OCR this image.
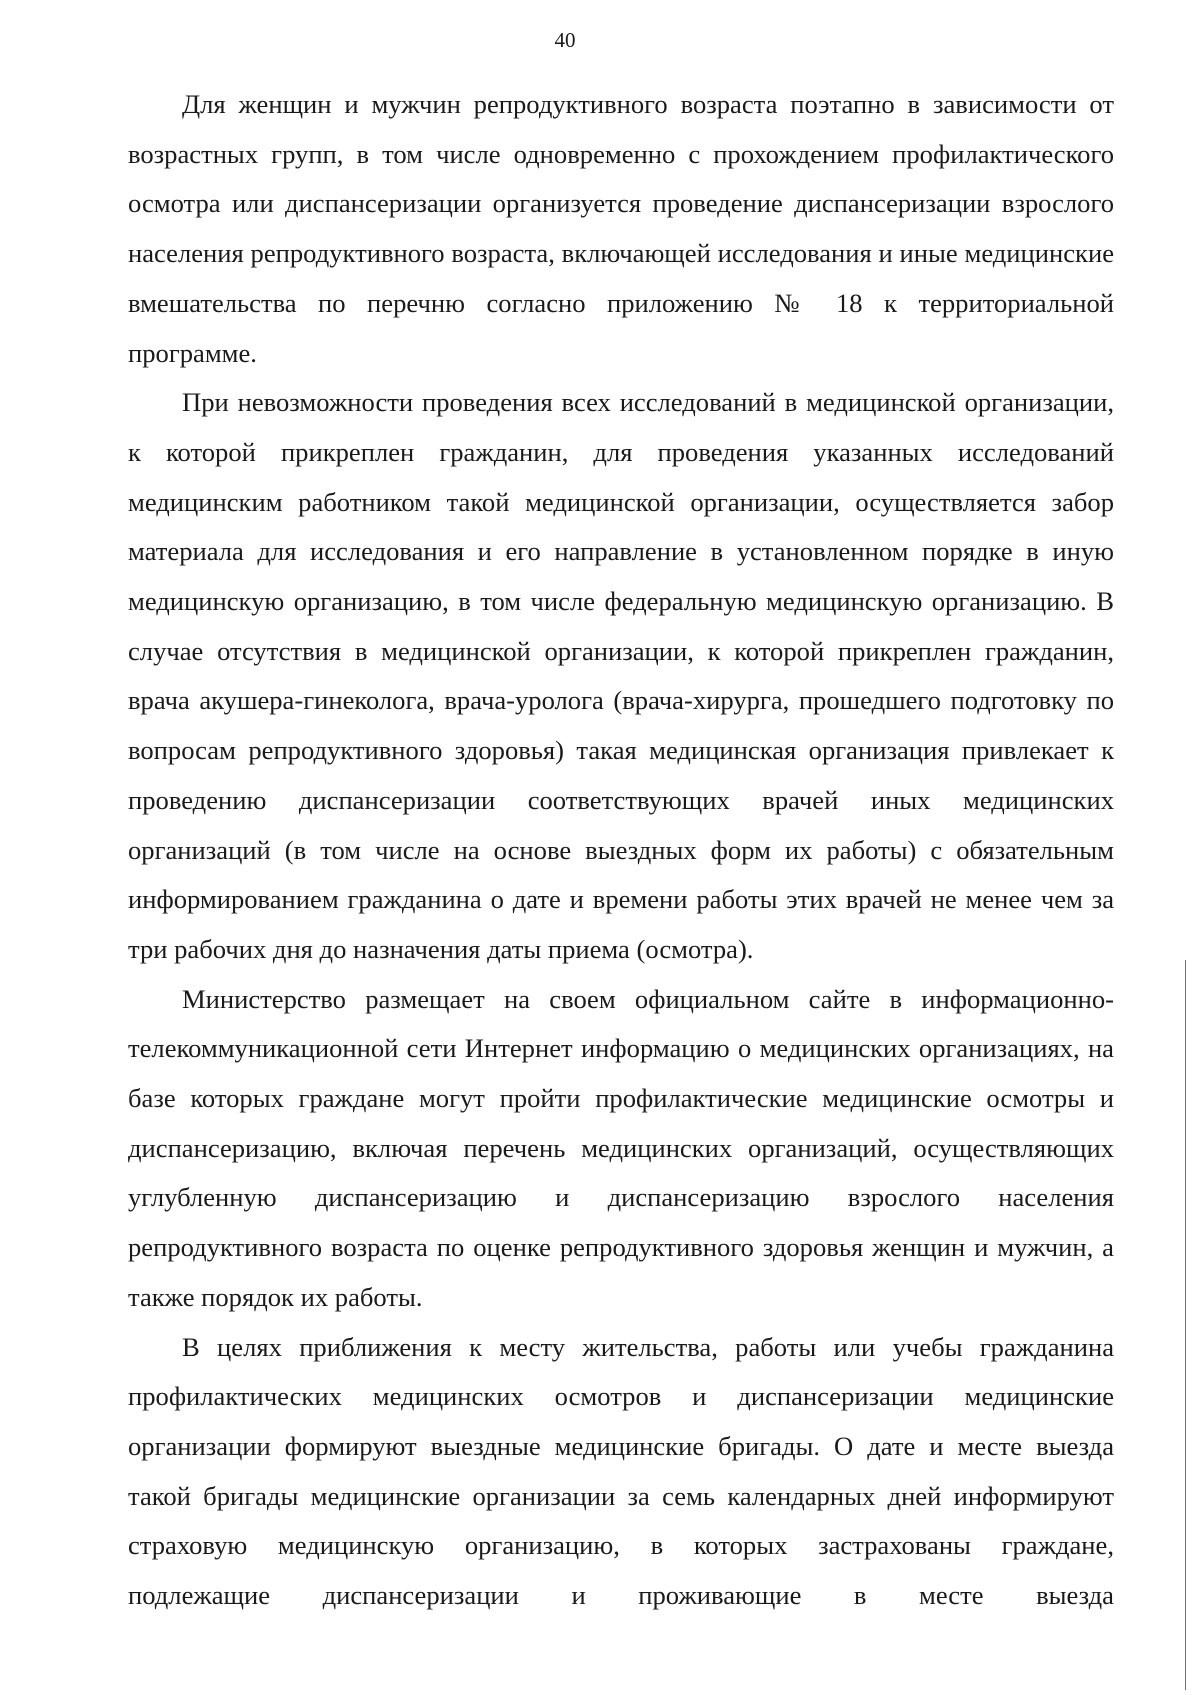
40

Для женщин и мужчин репродуктивного возраста поэтапно в зависимости от возрастных групп, в том числе одновременно с прохождением профилактического осмотра или диспансеризации организуется проведение диспансеризации взрослого населения репродуктивного возраста, включающей исследования и иные медицинские вмешательства по перечню согласно приложению № 18 к территориальной программе.

При невозможности проведения всех исследований в медицинской организации, к которой прикреплен гражданин, для проведения указанных исследований медицинским работником такой медицинской организации, осуществляется забор материала для исследования и его направление в установленном порядке в иную медицинскую организацию, в том числе федеральную медицинскую организацию. В случае отсутствия в медицинской организации, к которой прикреплен гражданин, врача акушера-гинеколога, врача-уролога (врача-хирурга, прошедшего подготовку по вопросам репродуктивного здоровья) такая медицинская организация привлекает к проведению диспансеризации соответствующих врачей иных медицинских организаций (в том числе на основе выездных форм их работы) с обязательным информированием гражданина о дате и времени работы этих врачей не менее чем за три рабочих дня до назначения даты приема (осмотра).

Министерство размещает на своем официальном сайте в информационно-телекоммуникационной сети Интернет информацию о медицинских организациях, на базе которых граждане могут пройти профилактические медицинские осмотры и диспансеризацию, включая перечень медицинских организаций, осуществляющих углубленную диспансеризацию и диспансеризацию взрослого населения репродуктивного возраста по оценке репродуктивного здоровья женщин и мужчин, а также порядок их работы.

В целях приближения к месту жительства, работы или учебы гражданина профилактических медицинских осмотров и диспансеризации медицинские организации формируют выездные медицинские бригады. О дате и месте выезда такой бригады медицинские организации за семь календарных дней информируют страховую медицинскую организацию, в которых застрахованы граждане, подлежащие диспансеризации и проживающие в месте выезда
